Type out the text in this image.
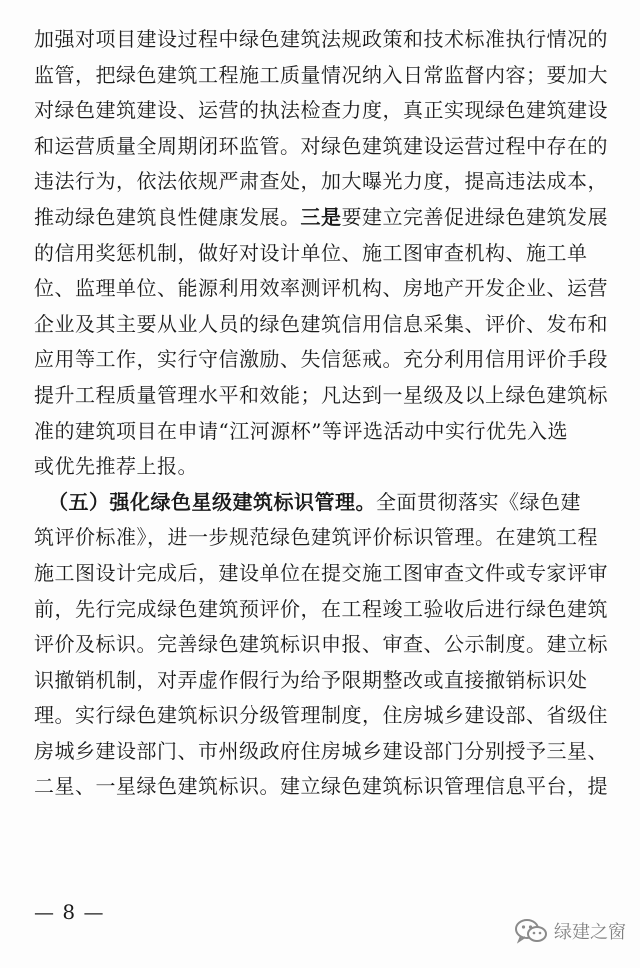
加强对项目建设过程中绿色建筑法规政策和技术标准执行情况的
监管，把绿色建筑工程施工质量情况纳入日常监督内容；要加大
对绿色建筑建设、运营的执法检查力度，真正实现绿色建筑建设
和运营质量全周期闭环监管。对绿色建筑建设运营过程中存在的
违法行为，依法依规严肃查处，加大曝光力度，提高违法成本，
推动绿色建筑良性健康发展。三是要建立完善促进绿色建筑发展
的信用奖惩机制，做好对设计单位、施工图审查机构、施工单
位、监理单位、能源利用效率测评机构、房地产开发企业、运营
企业及其主要从业人员的绿色建筑信用信息采集、评价、发布和
应用等工作，实行守信激励、失信惩戒。充分利用信用评价手段
提升工程质量管理水平和效能；凡达到一星级及以上绿色建筑标
准的建筑项目在申请“江河源杯”等评选活动中实行优先入选
或优先推荐上报。
（五）强化绿色星级建筑标识管理。全面贯彻落实《绿色建
筑评价标准》，进一步规范绿色建筑评价标识管理。在建筑工程
施工图设计完成后，建设单位在提交施工图审查文件或专家评审
前，先行完成绿色建筑预评价，在工程竣工验收后进行绿色建筑
评价及标识。完善绿色建筑标识申报、审查、公示制度。建立标
识撤销机制，对弄虚作假行为给予限期整改或直接撤销标识处
理。实行绿色建筑标识分级管理制度，住房城乡建设部、省级住
房城乡建设部门、市州级政府住房城乡建设部门分别授予三星、
二星、一星绿色建筑标识。建立绿色建筑标识管理信息平台，提
— 8 —
绿建之窗
